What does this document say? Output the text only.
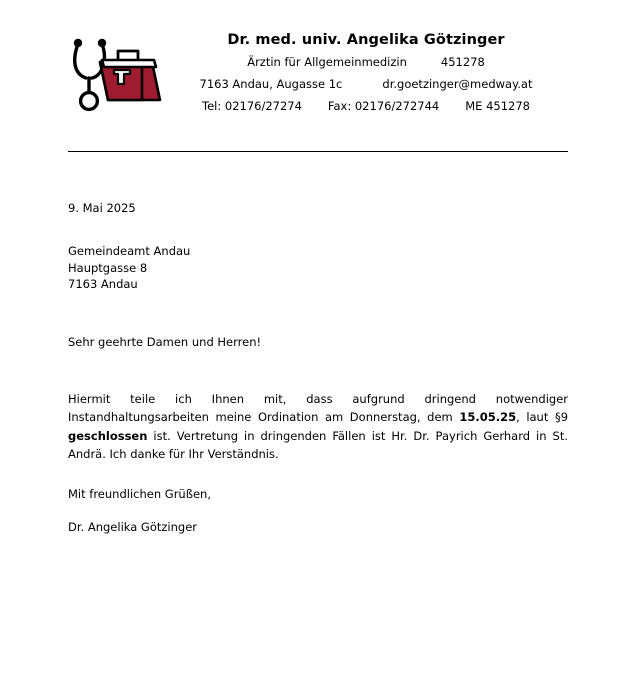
Dr. med. univ. Angelika Götzinger
Ärztin für Allgemeinmedizin	451278
7163 Andau, Augasse 1c	dr.goetzinger@medway.at
Tel: 02176/27274 Fax: 02176/272744 ME 451278
9. Mai 2025
Gemeindeamt Andau
Hauptgasse 8
7163 Andau
Sehr geehrte Damen und Herren!

Hiermit teile ich Ihnen mit, dass aufgrund dringend notwendiger Instandhaltungsarbeiten meine Ordination am Donnerstag, dem 15.05.25, laut §9 geschlossen ist. Vertretung in dringenden Fällen ist Hr. Dr. Payrich Gerhard in St. Andrä. Ich danke für Ihr Verständnis.

Mit freundlichen Grüßen,
Dr. Angelika Götzinger
